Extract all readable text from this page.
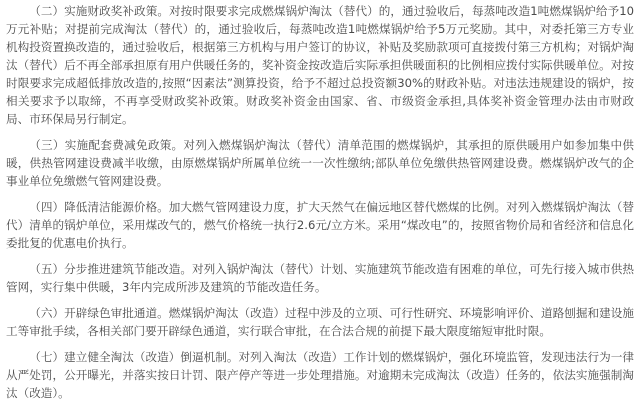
（二）实施财政奖补政策。对按时限要求完成燃煤锅炉淘汰（替代）的，通过验收后，每蒸吨改造1吨燃煤锅炉给予10万元补贴；对提前完成淘汰（替代）的，通过验收后，每蒸吨改造1吨燃煤锅炉给予5万元奖励。其中，对委托第三方专业机构投资置换改造的，通过验收后，根据第三方机构与用户签订的协议，补贴及奖励款项可直接拨付第三方机构；对锅炉淘汰（替代）后不再全部承担原有用户供暖任务的，奖补资金按改造后实际承担供暖面积的比例相应拨付实际供暖单位。对按时限要求完成超低排放改造的,按照“因素法”测算投资，给予不超过总投资额30%的财政补贴。对违法违规建设的锅炉，按相关要求予以取缔，不再享受财政奖补政策。财政奖补资金由国家、省、市级资金承担,具体奖补资金管理办法由市财政局、市环保局另行制定。

（三）实施配套费减免政策。对列入燃煤锅炉淘汰（替代）清单范围的燃煤锅炉，其承担的原供暖用户如参加集中供暖，供热管网建设费减半收缴，由原燃煤锅炉所属单位统一一次性缴纳;部队单位免缴供热管网建设费。燃煤锅炉改气的企事业单位免缴燃气管网建设费。

（四）降低清洁能源价格。加大燃气管网建设力度，扩大天然气在偏远地区替代燃煤的比例。对列入燃煤锅炉淘汰（替代）清单的锅炉单位，采用煤改气的，燃气价格统一执行2.6元/立方米。采用“煤改电”的，按照省物价局和省经济和信息化委批复的优惠电价执行。

（五）分步推进建筑节能改造。对列入锅炉淘汰（替代）计划、实施建筑节能改造有困难的单位，可先行接入城市供热管网，实行集中供暖，3年内完成所涉及建筑的节能改造任务。

（六）开辟绿色审批通道。燃煤锅炉淘汰（改造）过程中涉及的立项、可行性研究、环境影响评价、道路刨掘和建设施工等审批手续，各相关部门要开辟绿色通道，实行联合审批，在合法合规的前提下最大限度缩短审批时限。

（七）建立健全淘汰（改造）倒逼机制。对列入淘汰（改造）工作计划的燃煤锅炉，强化环境监管，发现违法行为一律从严处罚，公开曝光，并落实按日计罚、限产停产等进一步处理措施。对逾期未完成淘汰（改造）任务的，依法实施强制淘汰（改造）。
